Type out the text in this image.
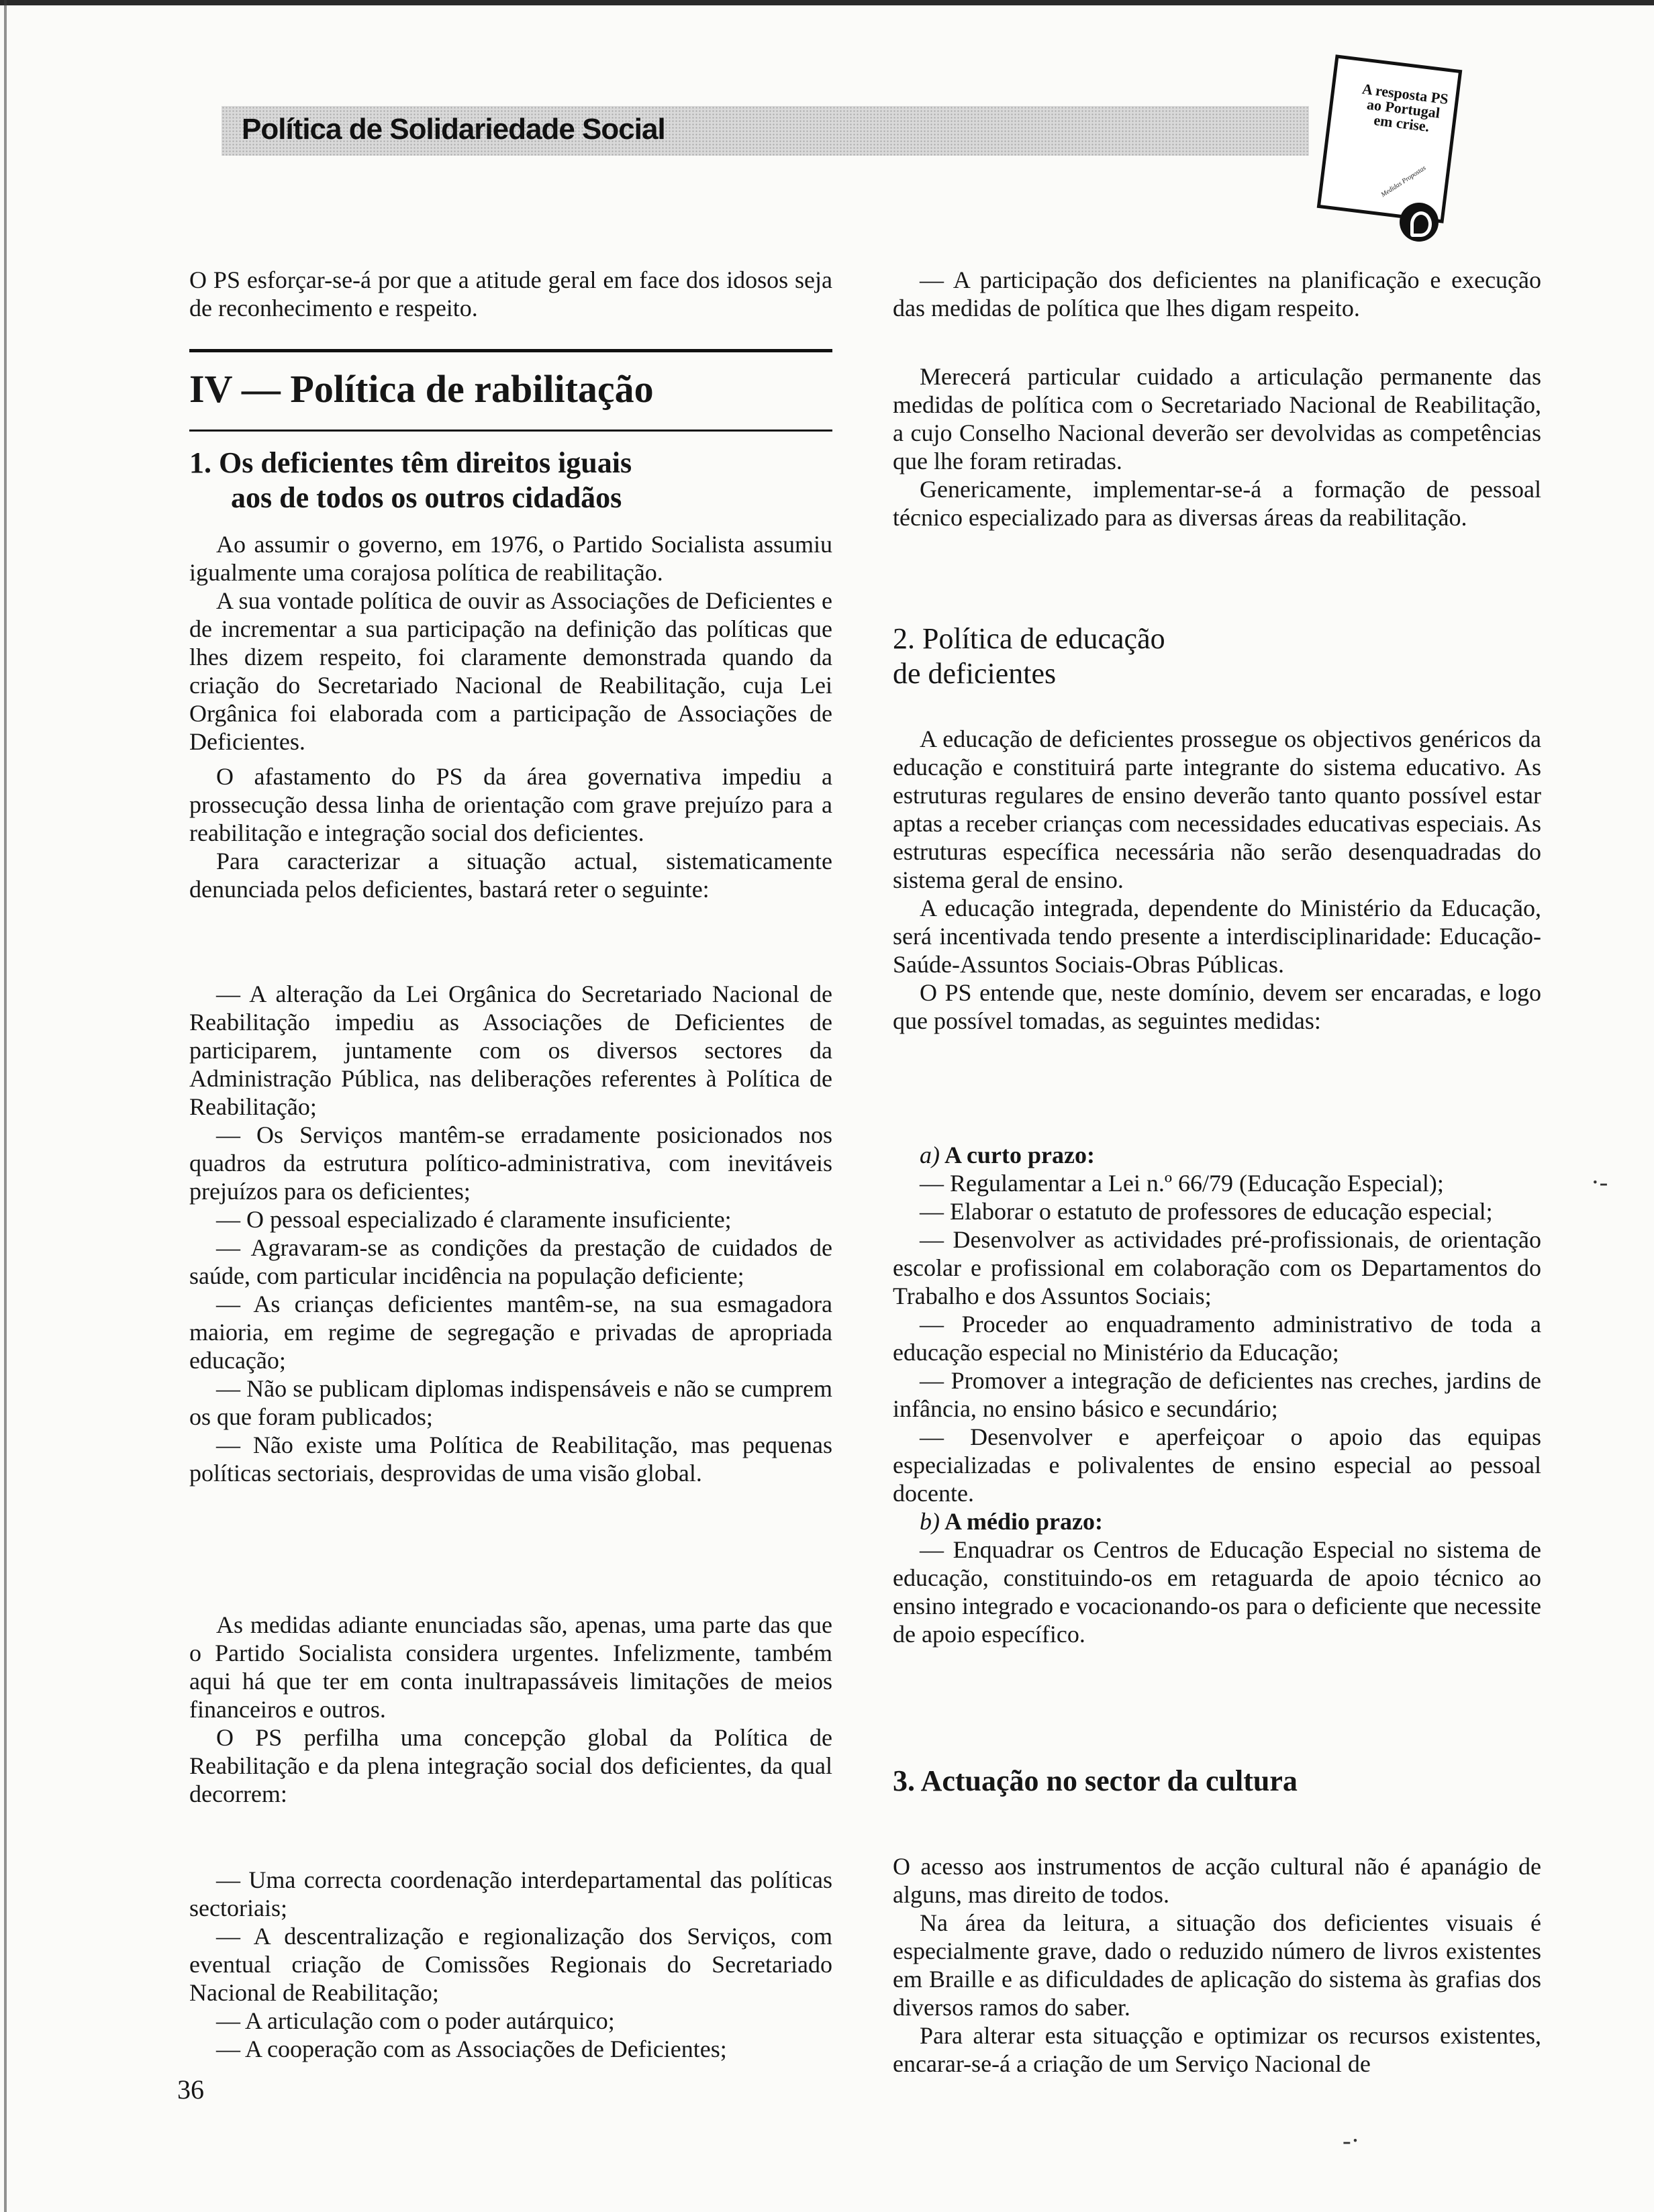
Política de Solidariedade Social
A resposta PS ao Portugal em crise.
Medidas Propostas

O PS esforçar-se-á por que a atitude geral em face dos idosos seja de reconhecimento e respeito.

IV — Política de rabilitação
1. Os deficientes têm direitos iguais
aos de todos os outros cidadãos

Ao assumir o governo, em 1976, o Partido Socialista assumiu igualmente uma corajosa política de reabilitação.

A sua vontade política de ouvir as Associações de Deficientes e de incrementar a sua participação na definição das políticas que lhes dizem respeito, foi claramente demonstrada quando da criação do Secretariado Nacional de Reabilitação, cuja Lei Orgânica foi elaborada com a participação de Associações de Deficientes.

O afastamento do PS da área governativa impediu a prossecução dessa linha de orientação com grave prejuízo para a reabilitação e integração social dos deficientes.

Para caracterizar a situação actual, sistematicamente denunciada pelos deficientes, bastará reter o seguinte:

— A alteração da Lei Orgânica do Secretariado Nacional de Reabilitação impediu as Associações de Deficientes de participarem, juntamente com os diversos sectores da Administração Pública, nas deliberações referentes à Política de Reabilitação;

— Os Serviços mantêm-se erradamente posicionados nos quadros da estrutura político-administrativa, com inevitáveis prejuízos para os deficientes;

— O pessoal especializado é claramente insuficiente;

— Agravaram-se as condições da prestação de cuidados de saúde, com particular incidência na população deficiente;

— As crianças deficientes mantêm-se, na sua esmagadora maioria, em regime de segregação e privadas de apropriada educação;

— Não se publicam diplomas indispensáveis e não se cumprem os que foram publicados;

— Não existe uma Política de Reabilitação, mas pequenas políticas sectoriais, desprovidas de uma visão global.

As medidas adiante enunciadas são, apenas, uma parte das que o Partido Socialista considera urgentes. Infelizmente, também aqui há que ter em conta inultrapassáveis limitações de meios financeiros e outros.

O PS perfilha uma concepção global da Política de Reabilitação e da plena integração social dos deficientes, da qual decorrem:

— Uma correcta coordenação interdepartamental das políticas sectoriais;

— A descentralização e regionalização dos Serviços, com eventual criação de Comissões Regionais do Secretariado Nacional de Reabilitação;

— A articulação com o poder autárquico;

— A cooperação com as Associações de Deficientes;

36

— A participação dos deficientes na planificação e execução das medidas de política que lhes digam respeito.

Merecerá particular cuidado a articulação permanente das medidas de política com o Secretariado Nacional de Reabilitação, a cujo Conselho Nacional deverão ser devolvidas as competências que lhe foram retiradas.

Genericamente, implementar-se-á a formação de pessoal técnico especializado para as diversas áreas da reabilitação.

2. Política de educação
de deficientes

A educação de deficientes prossegue os objectivos genéricos da educação e constituirá parte integrante do sistema educativo. As estruturas regulares de ensino deverão tanto quanto possível estar aptas a receber crianças com necessidades educativas especiais. As estruturas específica necessária não serão desenquadradas do sistema geral de ensino.

A educação integrada, dependente do Ministério da Educação, será incentivada tendo presente a interdisciplinaridade: Educação-Saúde-Assuntos Sociais-Obras Públicas.

O PS entende que, neste domínio, devem ser encaradas, e logo que possível tomadas, as seguintes medidas:

a) A curto prazo:

— Regulamentar a Lei n.º 66/79 (Educação Especial);

— Elaborar o estatuto de professores de educação especial;

— Desenvolver as actividades pré-profissionais, de orientação escolar e profissional em colaboração com os Departamentos do Trabalho e dos Assuntos Sociais;

— Proceder ao enquadramento administrativo de toda a educação especial no Ministério da Educação;

— Promover a integração de deficientes nas creches, jardins de infância, no ensino básico e secundário;

— Desenvolver e aperfeiçoar o apoio das equipas especializadas e polivalentes de ensino especial ao pessoal docente.

b) A médio prazo:

— Enquadrar os Centros de Educação Especial no sistema de educação, constituindo-os em retaguarda de apoio técnico ao ensino integrado e vocacionando-os para o deficiente que necessite de apoio específico.

3. Actuação no sector da cultura

O acesso aos instrumentos de acção cultural não é apanágio de alguns, mas direito de todos.

Na área da leitura, a situação dos deficientes visuais é especialmente grave, dado o reduzido número de livros existentes em Braille e as dificuldades de aplicação do sistema às grafias dos diversos ramos do saber.

Para alterar esta situaçção e optimizar os recursos existentes, encarar-se-á a criação de um Serviço Nacional de

·-
-·
